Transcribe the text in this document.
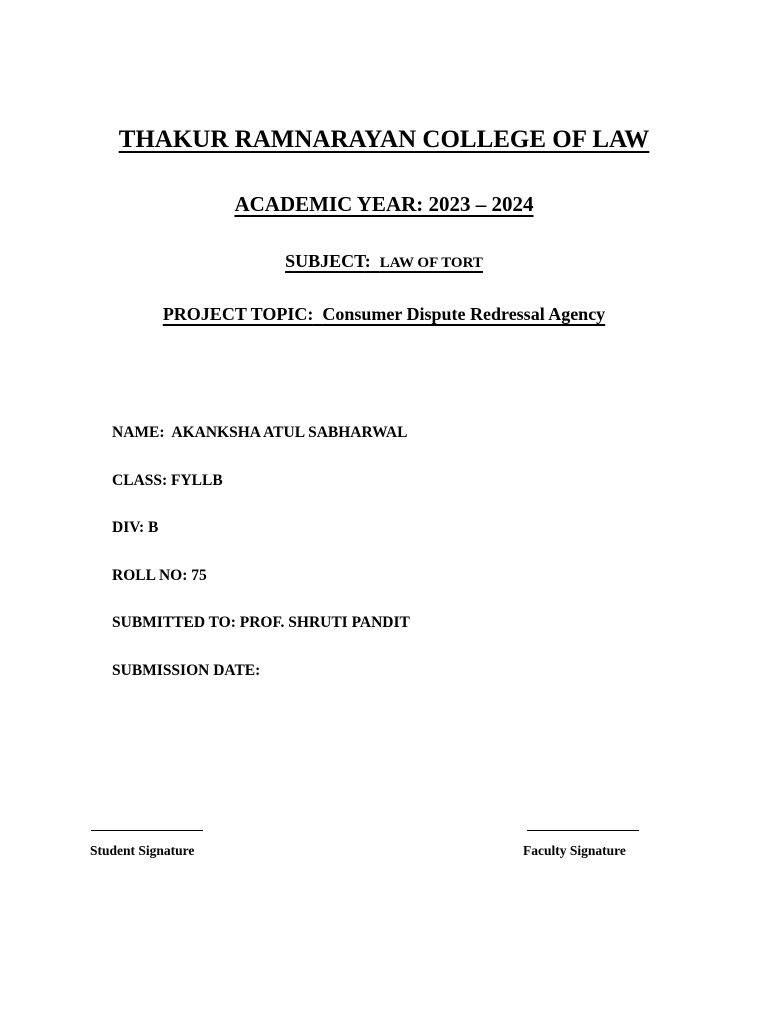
THAKUR RAMNARAYAN COLLEGE OF LAW
ACADEMIC YEAR: 2023 – 2024
SUBJECT:  LAW OF TORT
PROJECT TOPIC: Consumer Dispute Redressal Agency
NAME:  AKANKSHA ATUL SABHARWAL
CLASS: FYLLB
DIV: B
ROLL NO: 75
SUBMITTED TO: PROF. SHRUTI PANDIT
SUBMISSION DATE:
Student Signature	Faculty Signature
